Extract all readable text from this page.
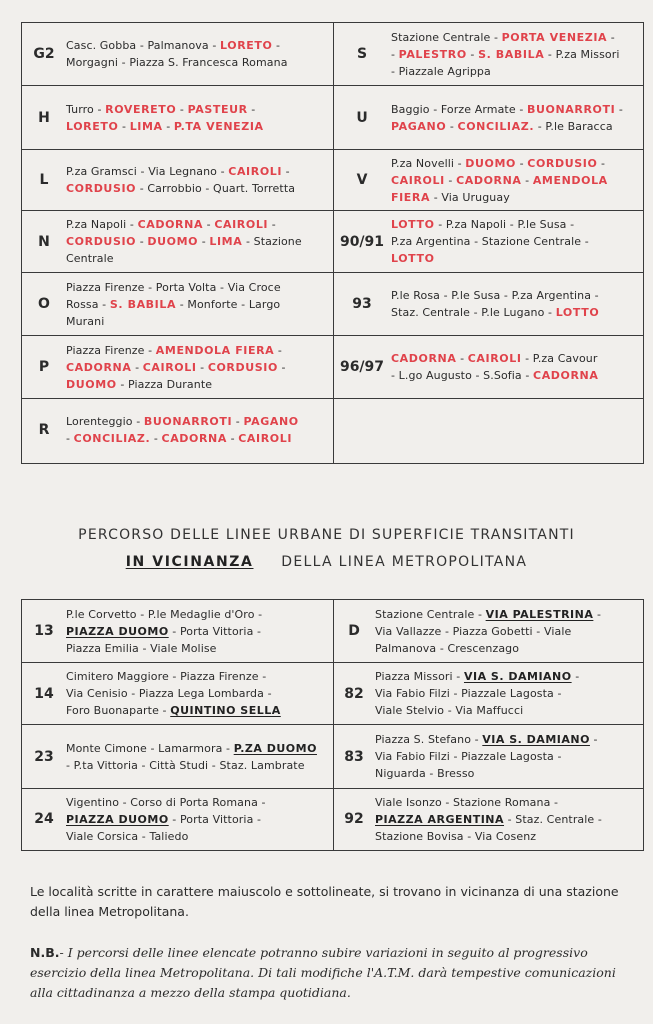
G2
Casc. Gobba - Palmanova - LORETO -
Morgagni - Piazza S. Francesca Romana
S
Stazione Centrale - PORTA VENEZIA -
- PALESTRO - S. BABILA - P.za Missori
- Piazzale Agrippa
H
Turro - ROVERETO - PASTEUR -
LORETO - LIMA - P.TA VENEZIA
U
Baggio - Forze Armate - BUONARROTI -
PAGANO - CONCILIAZ. - P.le Baracca
L
P.za Gramsci - Via Legnano - CAIROLI -
CORDUSIO - Carrobbio - Quart. Torretta
V
P.za Novelli - DUOMO - CORDUSIO -
CAIROLI - CADORNA - AMENDOLA
FIERA - Via Uruguay
N
P.za Napoli - CADORNA - CAIROLI -
CORDUSIO - DUOMO - LIMA - Stazione
Centrale
90/91
LOTTO - P.za Napoli - P.le Susa -
P.za Argentina - Stazione Centrale -
LOTTO
O
Piazza Firenze - Porta Volta - Via Croce
Rossa - S. BABILA - Monforte - Largo
Murani
93
P.le Rosa - P.le Susa - P.za Argentina -
Staz. Centrale - P.le Lugano - LOTTO
P
Piazza Firenze - AMENDOLA FIERA -
CADORNA - CAIROLI - CORDUSIO -
DUOMO - Piazza Durante
96/97
CADORNA - CAIROLI - P.za Cavour
- L.go Augusto - S.Sofia - CADORNA
R
Lorenteggio - BUONARROTI - PAGANO
- CONCILIAZ. - CADORNA - CAIROLI
PERCORSO DELLE LINEE URBANE DI SUPERFICIE TRANSITANTI
IN VICINANZA DELLA LINEA METROPOLITANA
13
P.le Corvetto - P.le Medaglie d'Oro -
PIAZZA DUOMO - Porta Vittoria -
Piazza Emilia - Viale Molise
D
Stazione Centrale - VIA PALESTRINA -
Via Vallazze - Piazza Gobetti - Viale
Palmanova - Crescenzago
14
Cimitero Maggiore - Piazza Firenze -
Via Cenisio - Piazza Lega Lombarda -
Foro Buonaparte - QUINTINO SELLA
82
Piazza Missori - VIA S. DAMIANO -
Via Fabio Filzi - Piazzale Lagosta -
Viale Stelvio - Via Maffucci
23
Monte Cimone - Lamarmora - P.ZA DUOMO
- P.ta Vittoria - Città Studi - Staz. Lambrate
83
Piazza S. Stefano - VIA S. DAMIANO -
Via Fabio Filzi - Piazzale Lagosta -
Niguarda - Bresso
24
Vigentino - Corso di Porta Romana -
PIAZZA DUOMO - Porta Vittoria -
Viale Corsica - Taliedo
92
Viale Isonzo - Stazione Romana -
PIAZZA ARGENTINA - Staz. Centrale -
Stazione Bovisa - Via Cosenz
Le località scritte in carattere maiuscolo e sottolineate, si trovano in vicinanza di una stazione della linea Metropolitana.
N.B.- I percorsi delle linee elencate potranno subire variazioni in seguito al progressivo esercizio della linea Metropolitana. Di tali modifiche l'A.T.M. darà tempestive comunicazioni alla cittadinanza a mezzo della stampa quotidiana.
